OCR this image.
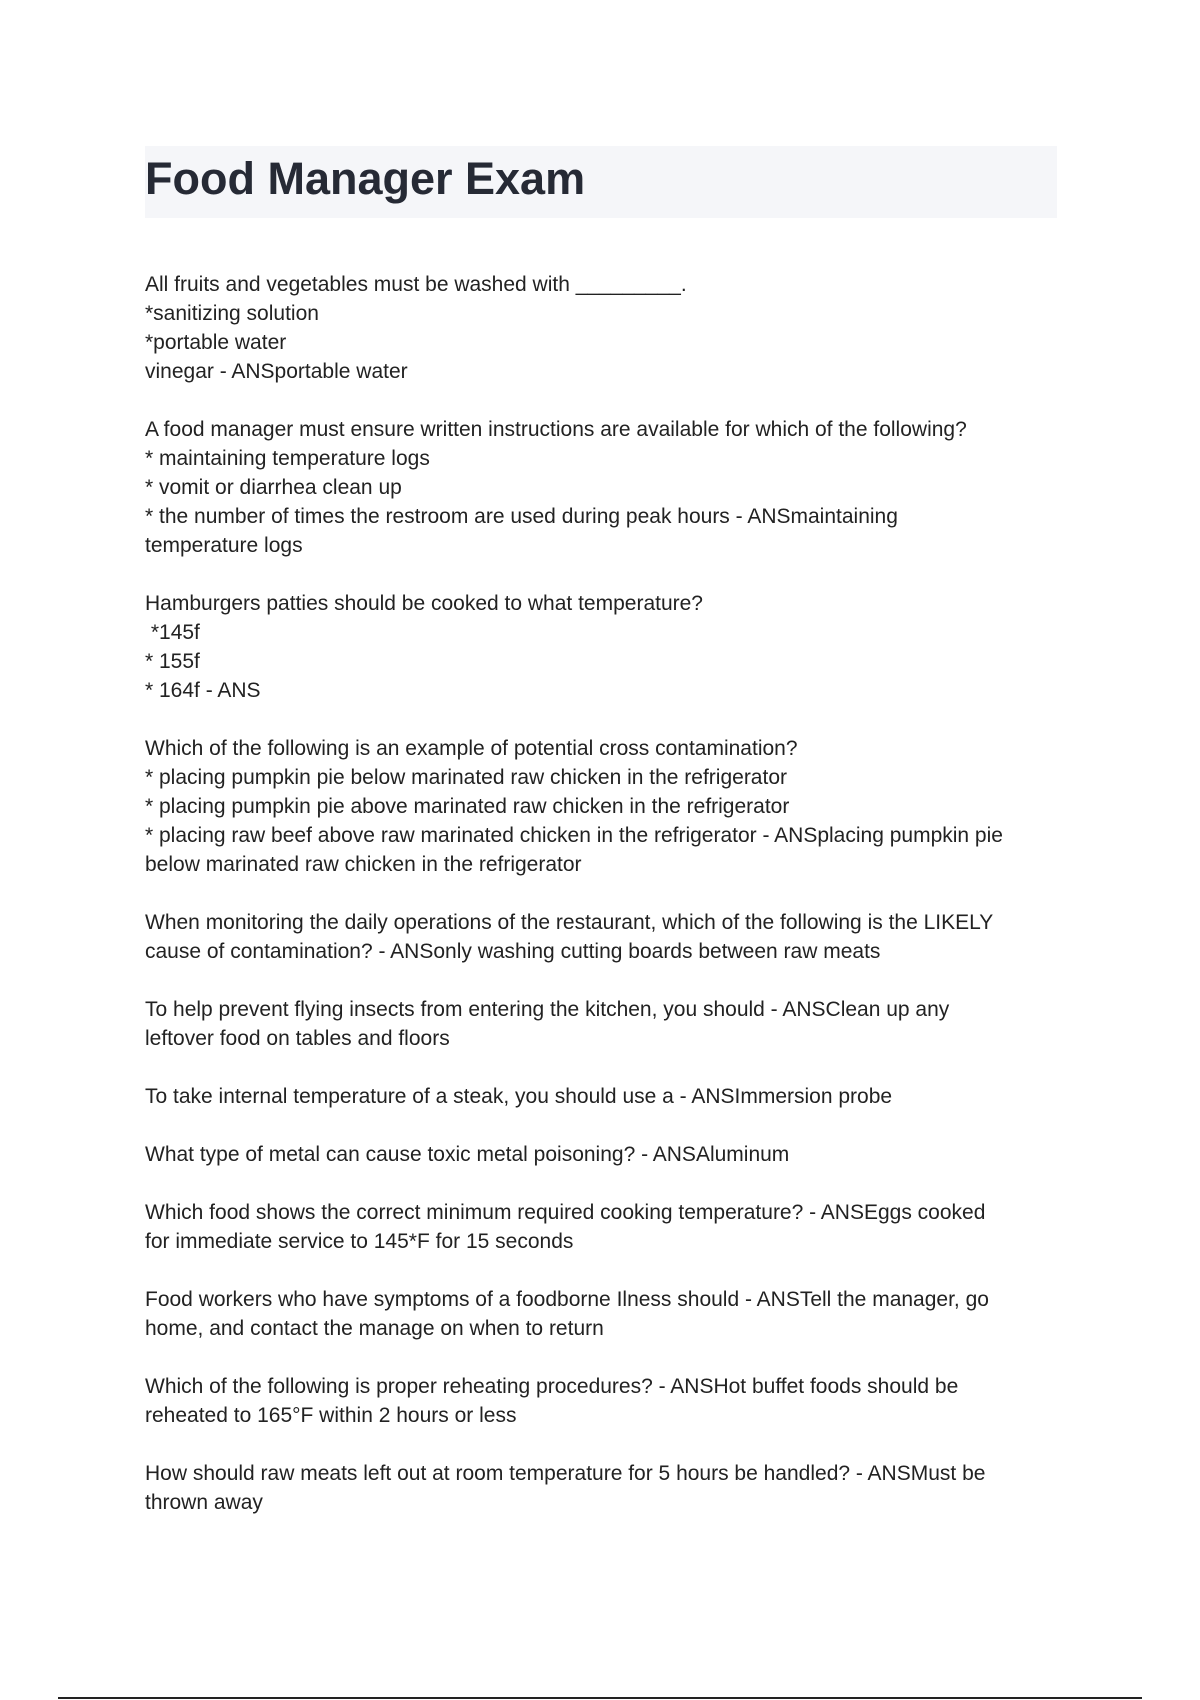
Food Manager Exam
All fruits and vegetables must be washed with _________.
*sanitizing solution
*portable water
vinegar - ANSportable water
A food manager must ensure written instructions are available for which of the following?
* maintaining temperature logs
* vomit or diarrhea clean up
* the number of times the restroom are used during peak hours - ANSmaintaining
temperature logs
Hamburgers patties should be cooked to what temperature?
*145f
* 155f
* 164f - ANS
Which of the following is an example of potential cross contamination?
* placing pumpkin pie below marinated raw chicken in the refrigerator
* placing pumpkin pie above marinated raw chicken in the refrigerator
* placing raw beef above raw marinated chicken in the refrigerator - ANSplacing pumpkin pie
below marinated raw chicken in the refrigerator
When monitoring the daily operations of the restaurant, which of the following is the LIKELY
cause of contamination? - ANSonly washing cutting boards between raw meats
To help prevent flying insects from entering the kitchen, you should - ANSClean up any
leftover food on tables and floors
To take internal temperature of a steak, you should use a - ANSImmersion probe
What type of metal can cause toxic metal poisoning? - ANSAluminum
Which food shows the correct minimum required cooking temperature? - ANSEggs cooked
for immediate service to 145*F for 15 seconds
Food workers who have symptoms of a foodborne Ilness should - ANSTell the manager, go
home, and contact the manage on when to return
Which of the following is proper reheating procedures? - ANSHot buffet foods should be
reheated to 165°F within 2 hours or less
How should raw meats left out at room temperature for 5 hours be handled? - ANSMust be
thrown away
